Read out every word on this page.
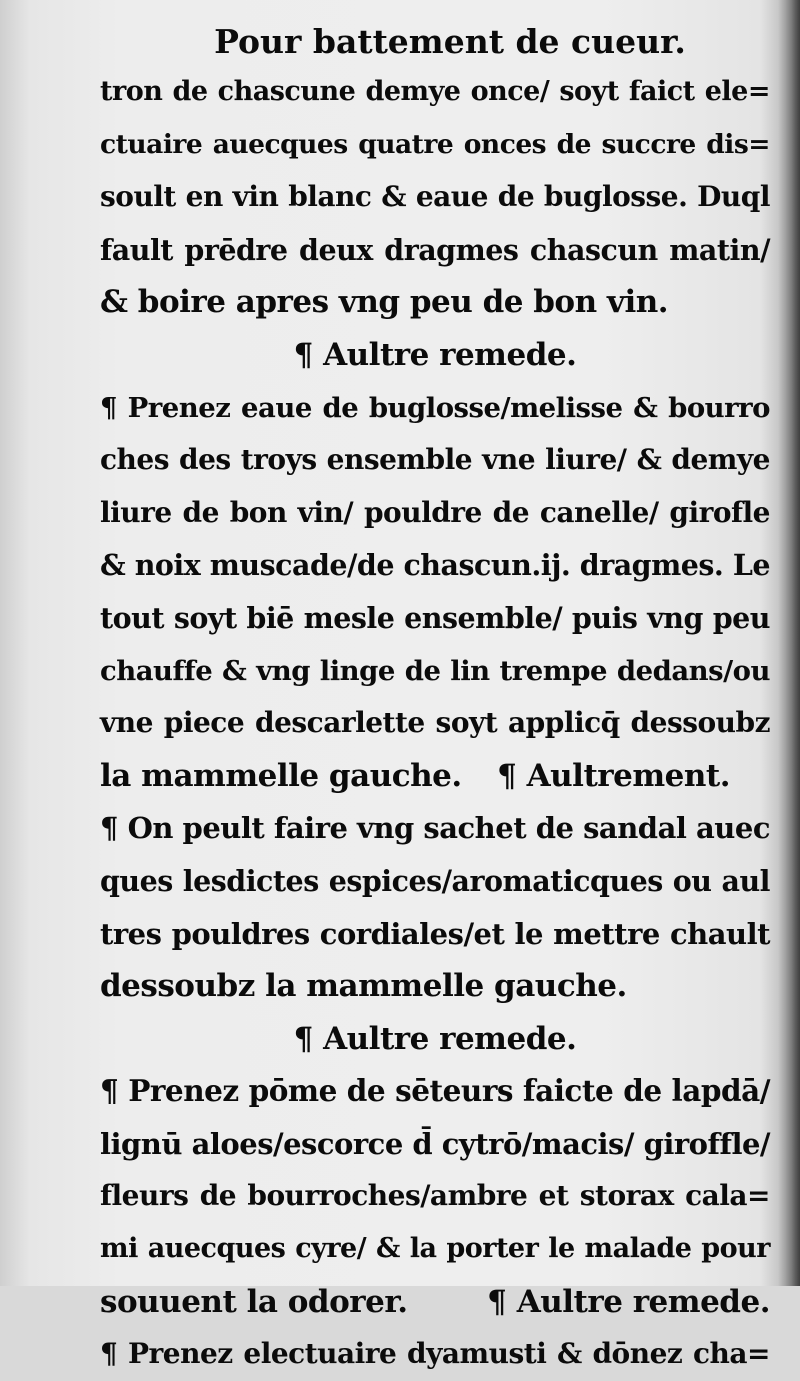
Pour battement de cueur.
tron de chascune demye once/ soyt faict ele=
ctuaire auecques quatre onces de succre dis=
soult en vin blanc & eaue de buglosse. Duql
fault prēdre deux dragmes chascun matin/
& boire apres vng peu de bon vin.
¶ Aultre remede.
¶ Prenez eaue de buglosse/melisse & bourro
ches des troys ensemble vne liure/ & demye
liure de bon vin/ pouldre de canelle/ girofle
& noix muscade/de chascun.ij. dragmes. Le
tout soyt biē mesle ensemble/ puis vng peu
chauffe & vng linge de lin trempe dedans/ou
vne piece descarlette soyt applicq̄ dessoubz
la mammelle gauche. ¶ Aultrement.
¶ On peult faire vng sachet de sandal auec
ques lesdictes espices/aromaticques ou aul
tres pouldres cordiales/et le mettre chault
dessoubz la mammelle gauche.
¶ Aultre remede.
¶ Prenez pōme de sēteurs faicte de lapdā/
lignū aloes/escorce d̄ cytrō/macis/ giroffle/
fleurs de bourroches/ambre et storax cala=
mi auecques cyre/ & la porter le malade pour
souuent la odorer.	¶ Aultre remede.
¶ Prenez electuaire dyamusti & dōnez cha=
